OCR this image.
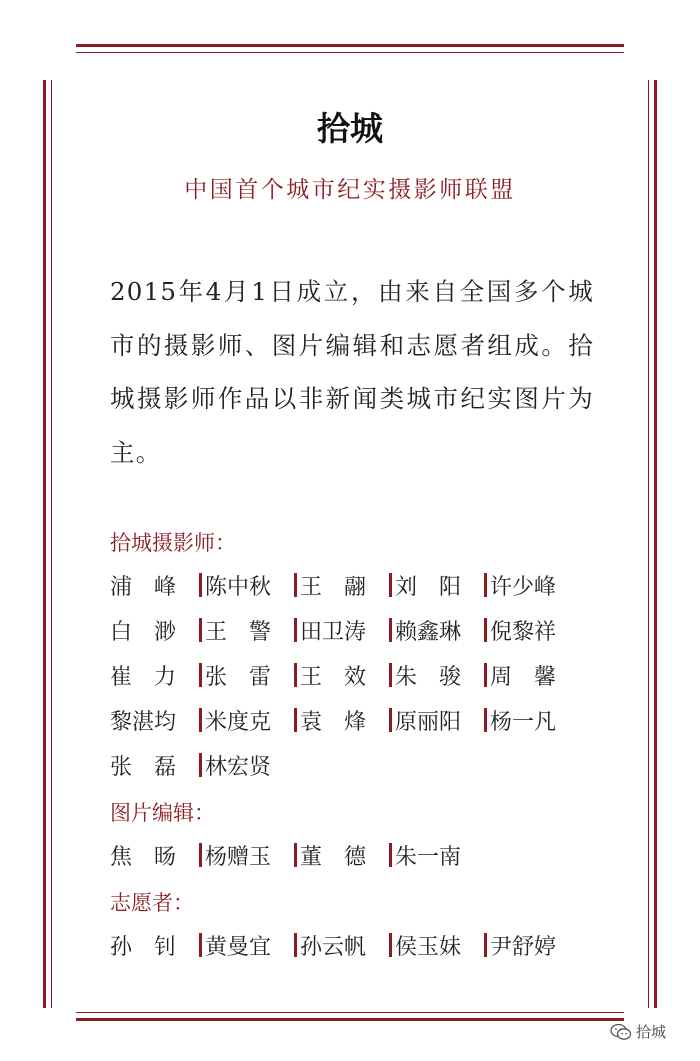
拾城

中国首个城市纪实摄影师联盟

2015年4月1日成立，由来自全国多个城市的摄影师、图片编辑和志愿者组成。拾城摄影师作品以非新闻类城市纪实图片为主。

拾城摄影师：

浦　峰	陈中秋	王　翮	刘　阳	许少峰
白　渺	王　警	田卫涛	赖鑫琳	倪黎祥
崔　力	张　雷	王　效	朱　骏	周　馨
黎湛均	米度克	袁　烽	原丽阳	杨一凡
张　磊	林宏贤

图片编辑：

焦　旸	杨赠玉	董　德	朱一南

志愿者：

孙　钊	黄曼宜	孙云帆	侯玉妹	尹舒婷
拾城
